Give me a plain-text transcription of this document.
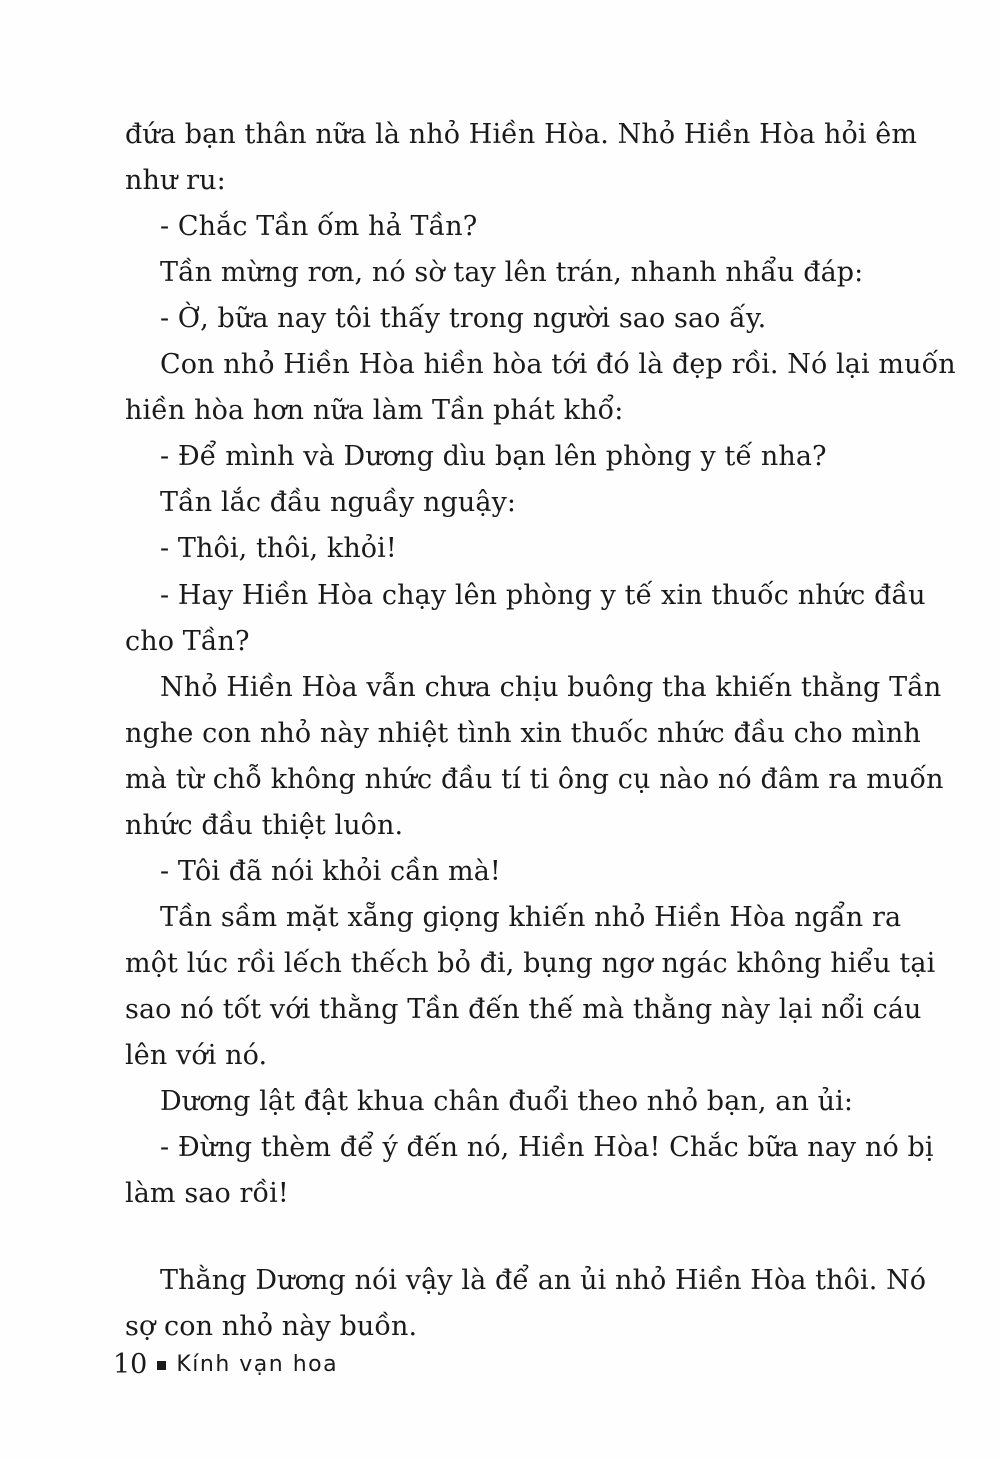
đứa bạn thân nữa là nhỏ Hiền Hòa. Nhỏ Hiền Hòa hỏi êm
như ru:
- Chắc Tần ốm hả Tần?
Tần mừng rơn, nó sờ tay lên trán, nhanh nhẩu đáp:
- Ờ, bữa nay tôi thấy trong người sao sao ấy.
Con nhỏ Hiền Hòa hiền hòa tới đó là đẹp rồi. Nó lại muốn
hiền hòa hơn nữa làm Tần phát khổ:
- Để mình và Dương dìu bạn lên phòng y tế nha?
Tần lắc đầu nguầy nguậy:
- Thôi, thôi, khỏi!
- Hay Hiền Hòa chạy lên phòng y tế xin thuốc nhức đầu
cho Tần?
Nhỏ Hiền Hòa vẫn chưa chịu buông tha khiến thằng Tần
nghe con nhỏ này nhiệt tình xin thuốc nhức đầu cho mình
mà từ chỗ không nhức đầu tí ti ông cụ nào nó đâm ra muốn
nhức đầu thiệt luôn.
- Tôi đã nói khỏi cần mà!
Tần sầm mặt xẵng giọng khiến nhỏ Hiền Hòa ngẩn ra
một lúc rồi lếch thếch bỏ đi, bụng ngơ ngác không hiểu tại
sao nó tốt với thằng Tần đến thế mà thằng này lại nổi cáu
lên với nó.
Dương lật đật khua chân đuổi theo nhỏ bạn, an ủi:
- Đừng thèm để ý đến nó, Hiền Hòa! Chắc bữa nay nó bị
làm sao rồi!
Thằng Dương nói vậy là để an ủi nhỏ Hiền Hòa thôi. Nó
sợ con nhỏ này buồn.
10 Kính vạn hoa
